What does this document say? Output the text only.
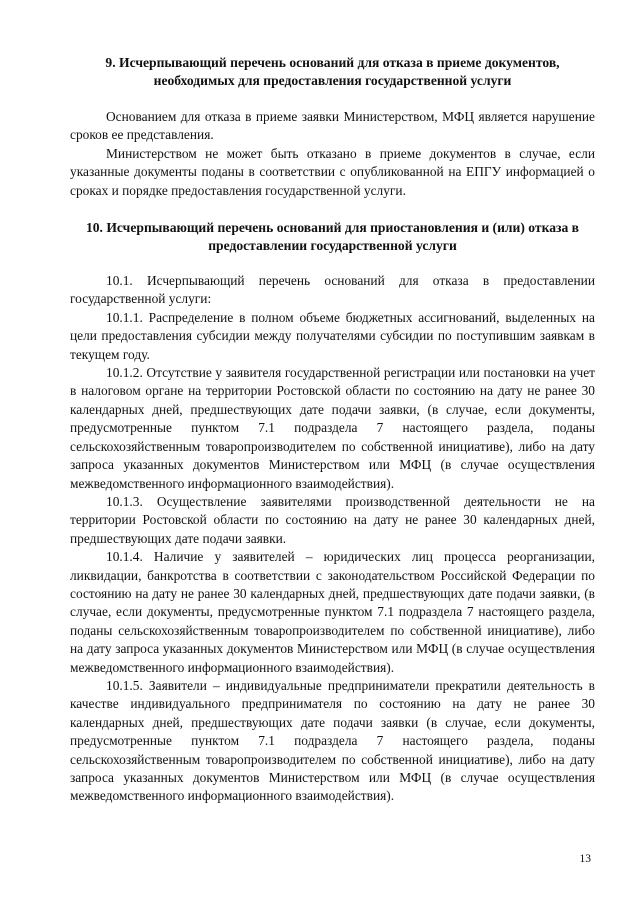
9. Исчерпывающий перечень оснований для отказа в приеме документов, необходимых для предоставления государственной услуги

Основанием для отказа в приеме заявки Министерством, МФЦ является нарушение сроков ее представления.

Министерством не может быть отказано в приеме документов в случае, если указанные документы поданы в соответствии с опубликованной на ЕПГУ информацией о сроках и порядке предоставления государственной услуги.

10. Исчерпывающий перечень оснований для приостановления и (или) отказа в предоставлении государственной услуги

10.1. Исчерпывающий перечень оснований для отказа в предоставлении государственной услуги:

10.1.1. Распределение в полном объеме бюджетных ассигнований, выделенных на цели предоставления субсидии между получателями субсидии по поступившим заявкам в текущем году.

10.1.2. Отсутствие у заявителя государственной регистрации или постановки на учет в налоговом органе на территории Ростовской области по состоянию на дату не ранее 30 календарных дней, предшествующих дате подачи заявки, (в случае, если документы, предусмотренные пунктом 7.1 подраздела 7 настоящего раздела, поданы сельскохозяйственным товаропроизводителем по собственной инициативе), либо на дату запроса указанных документов Министерством или МФЦ (в случае осуществления межведомственного информационного взаимодействия).

10.1.3. Осуществление заявителями производственной деятельности не на территории Ростовской области по состоянию на дату не ранее 30 календарных дней, предшествующих дате подачи заявки.

10.1.4. Наличие у заявителей – юридических лиц процесса реорганизации, ликвидации, банкротства в соответствии с законодательством Российской Федерации по состоянию на дату не ранее 30 календарных дней, предшествующих дате подачи заявки, (в случае, если документы, предусмотренные пунктом 7.1 подраздела 7 настоящего раздела, поданы сельскохозяйственным товаропроизводителем по собственной инициативе), либо на дату запроса указанных документов Министерством или МФЦ (в случае осуществления межведомственного информационного взаимодействия).

10.1.5. Заявители – индивидуальные предприниматели прекратили деятельность в качестве индивидуального предпринимателя по состоянию на дату не ранее 30 календарных дней, предшествующих дате подачи заявки (в случае, если документы, предусмотренные пунктом 7.1 подраздела 7 настоящего раздела, поданы сельскохозяйственным товаропроизводителем по собственной инициативе), либо на дату запроса указанных документов Министерством или МФЦ (в случае осуществления межведомственного информационного взаимодействия).

13
